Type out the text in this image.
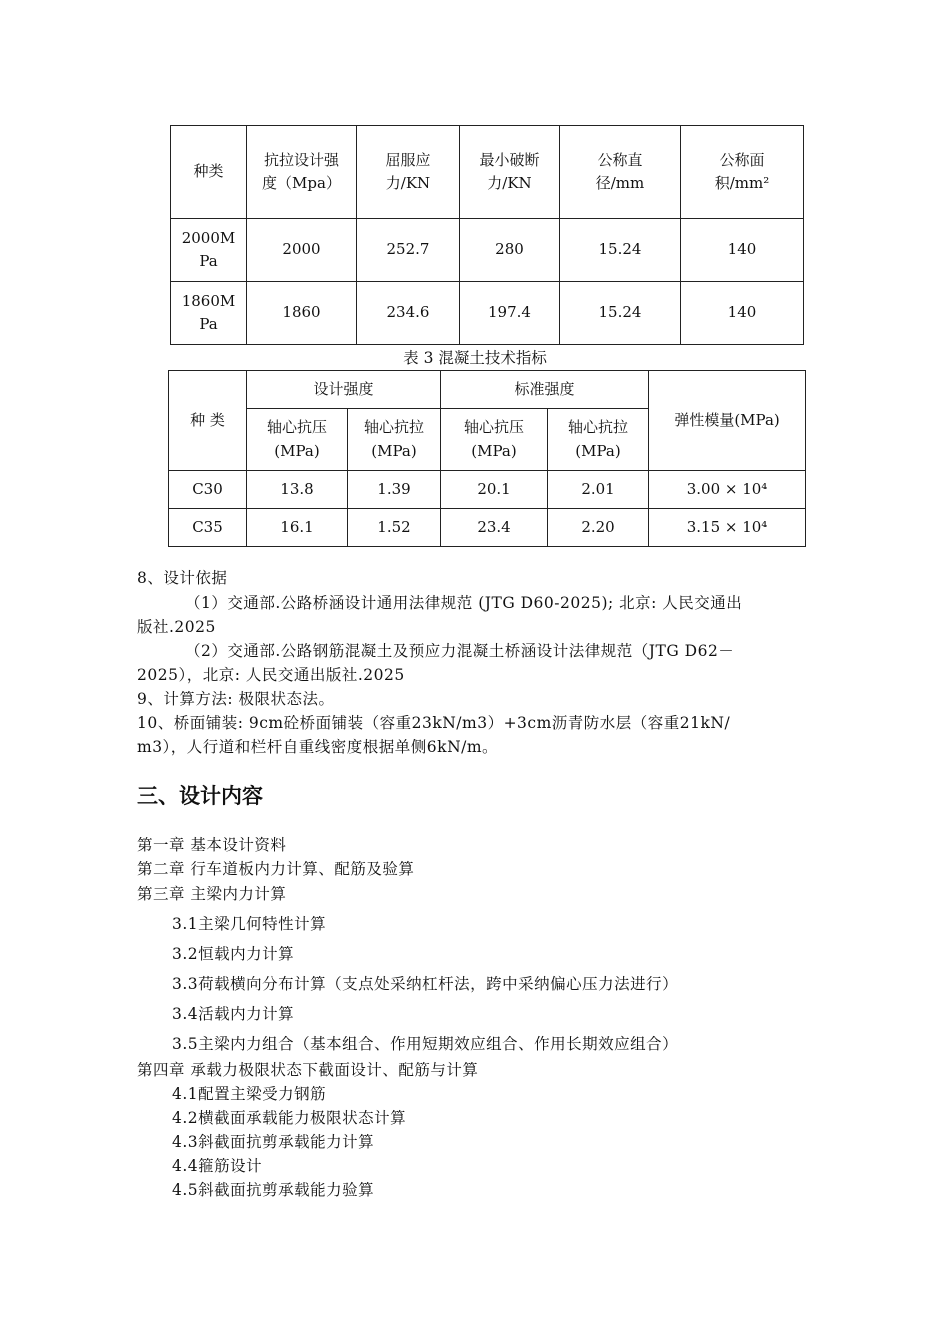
种类	抗拉设计强度（Mpa）	屈服应力/KN	最小破断力/KN	公称直径/mm	公称面积/mm²
2000MPa	2000	252.7	280	15.24	140
1860MPa	1860	234.6	197.4	15.24	140
表 3 混凝土技术指标
种 类	设计强度		标准强度		弹性模量(MPa)
	轴心抗压(MPa)	轴心抗拉(MPa)	轴心抗压(MPa)	轴心抗拉(MPa)	
C30	13.8	1.39	20.1	2.01	3.00 × 10⁴
C35	16.1	1.52	23.4	2.20	3.15 × 10⁴
8、设计依据
（1）交通部.公路桥涵设计通用法律规范 (JTG D60-2025); 北京: 人民交通出
版社.2025
（2）交通部.公路钢筋混凝土及预应力混凝土桥涵设计法律规范（JTG D62－
2025），北京: 人民交通出版社.2025
9、计算方法: 极限状态法。
10、桥面铺装: 9cm砼桥面铺装（容重23kN/m3）+3cm沥青防水层（容重21kN/
m3），人行道和栏杆自重线密度根据单侧6kN/m。
三、设计内容
第一章 基本设计资料
第二章 行车道板内力计算、配筋及验算
第三章 主梁内力计算
3.1主梁几何特性计算
3.2恒载内力计算
3.3荷载横向分布计算（支点处采纳杠杆法，跨中采纳偏心压力法进行）
3.4活载内力计算
3.5主梁内力组合（基本组合、作用短期效应组合、作用长期效应组合）
第四章 承载力极限状态下截面设计、配筋与计算
4.1配置主梁受力钢筋
4.2横截面承载能力极限状态计算
4.3斜截面抗剪承载能力计算
4.4箍筋设计
4.5斜截面抗剪承载能力验算
